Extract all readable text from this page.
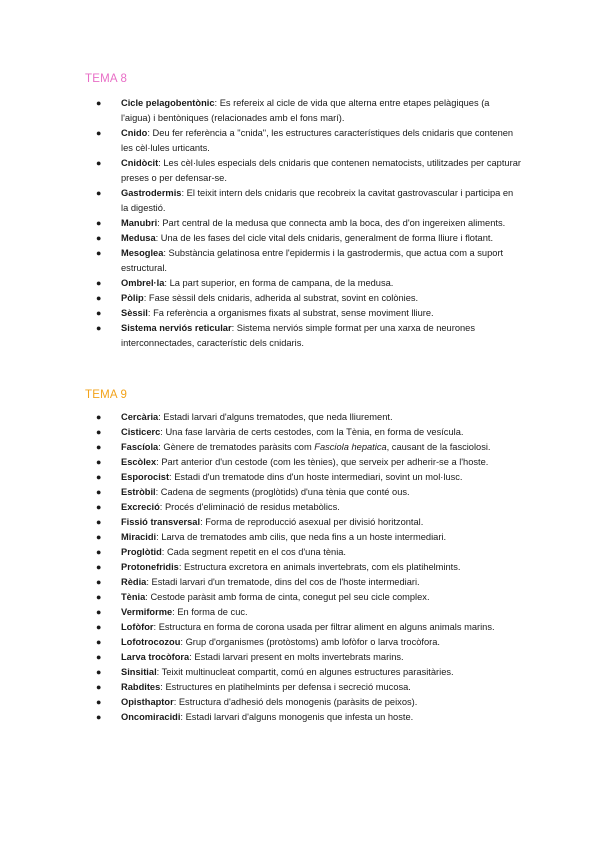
TEMA 8
●	Cicle pelagobentònic: Es refereix al cicle de vida que alterna entre etapes pelàgiques (a l'aigua) i bentòniques (relacionades amb el fons marí).
●	Cnido: Deu fer referència a "cnida", les estructures característiques dels cnidaris que contenen les cèl·lules urticants.
●	Cnidòcit: Les cèl·lules especials dels cnidaris que contenen nematocists, utilitzades per capturar preses o per defensar-se.
●	Gastrodermis: El teixit intern dels cnidaris que recobreix la cavitat gastrovascular i participa en la digestió.
●	Manubri: Part central de la medusa que connecta amb la boca, des d'on ingereixen aliments.
●	Medusa: Una de les fases del cicle vital dels cnidaris, generalment de forma lliure i flotant.
●	Mesoglea: Substància gelatinosa entre l'epidermis i la gastrodermis, que actua com a suport estructural.
●	Ombrel·la: La part superior, en forma de campana, de la medusa.
●	Pòlip: Fase sèssil dels cnidaris, adherida al substrat, sovint en colònies.
●	Sèssil: Fa referència a organismes fixats al substrat, sense moviment lliure.
●	Sistema nerviós reticular: Sistema nerviós simple format per una xarxa de neurones interconnectades, característic dels cnidaris.
TEMA 9
●	Cercària: Estadi larvari d'alguns trematodes, que neda lliurement.
●	Cisticerc: Una fase larvària de certs cestodes, com la Tènia, en forma de vesícula.
●	Fascíola: Gènere de trematodes paràsits com Fasciola hepatica, causant de la fasciolosi.
●	Escòlex: Part anterior d'un cestode (com les tènies), que serveix per adherir-se a l'hoste.
●	Esporocist: Estadi d'un trematode dins d'un hoste intermediari, sovint un mol·lusc.
●	Estròbil: Cadena de segments (proglòtids) d'una tènia que conté ous.
●	Excreció: Procés d'eliminació de residus metabòlics.
●	Fissió transversal: Forma de reproducció asexual per divisió horitzontal.
●	Miracidi: Larva de trematodes amb cilis, que neda fins a un hoste intermediari.
●	Proglòtid: Cada segment repetit en el cos d'una tènia.
●	Protonefridis: Estructura excretora en animals invertebrats, com els platihelmints.
●	Rèdia: Estadi larvari d'un trematode, dins del cos de l'hoste intermediari.
●	Tènia: Cestode paràsit amb forma de cinta, conegut pel seu cicle complex.
●	Vermiforme: En forma de cuc.
●	Lofòfor: Estructura en forma de corona usada per filtrar aliment en alguns animals marins.
●	Lofotrocozou: Grup d'organismes (protòstoms) amb lofòfor o larva trocòfora.
●	Larva trocòfora: Estadi larvari present en molts invertebrats marins.
●	Sinsitial: Teixit multinucleat compartit, comú en algunes estructures parasitàries.
●	Rabdites: Estructures en platihelmints per defensa i secreció mucosa.
●	Opisthaptor: Estructura d'adhesió dels monogenis (paràsits de peixos).
●	Oncomiracidi: Estadi larvari d'alguns monogenis que infesta un hoste.
